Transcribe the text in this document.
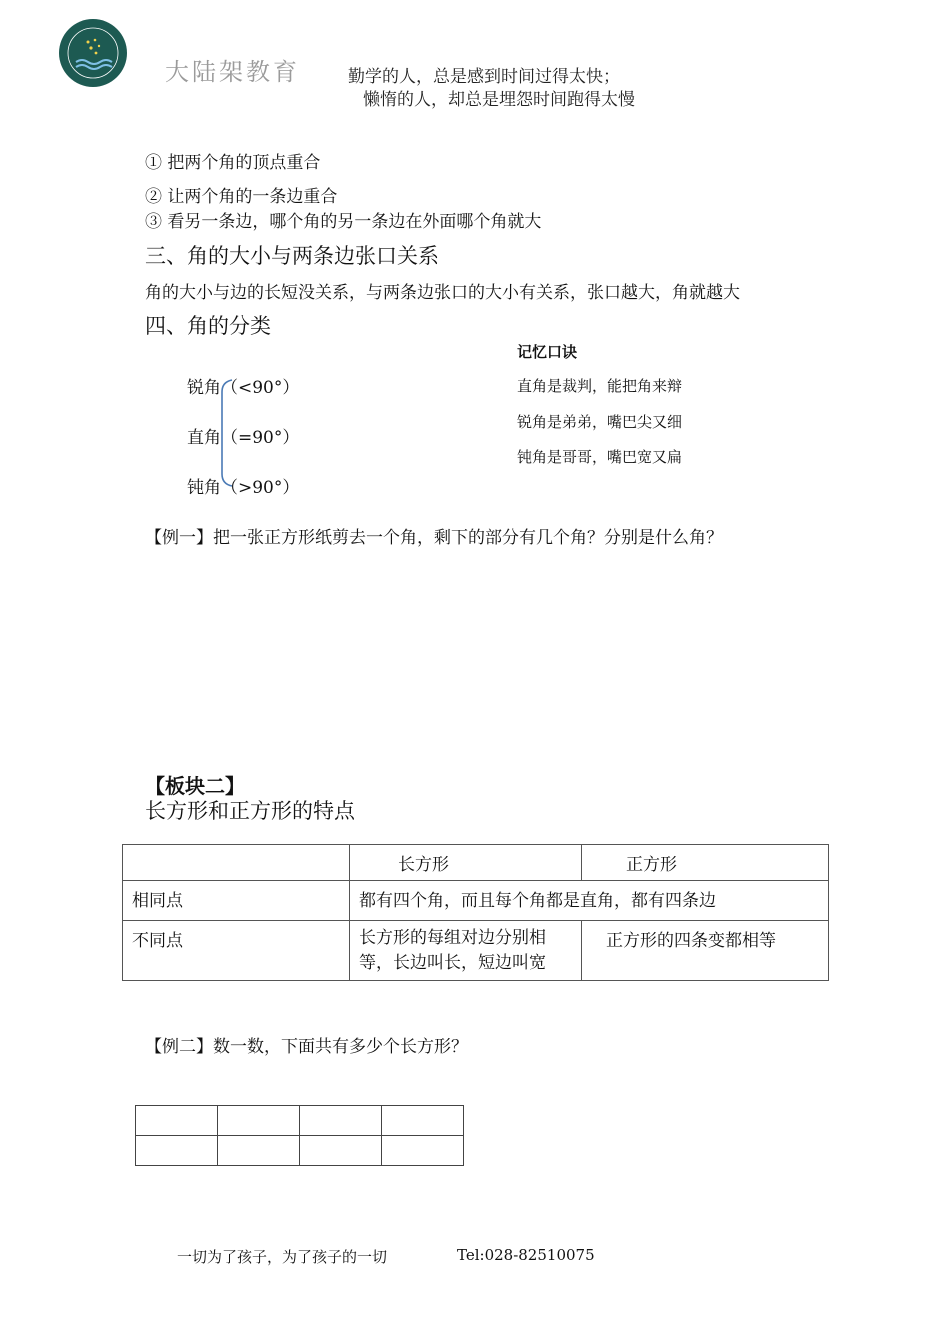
大陆架教育	勤学的人，总是感到时间过得太快；
懒惰的人，却总是埋怨时间跑得太慢
① 把两个角的顶点重合
② 让两个角的一条边重合
③ 看另一条边，哪个角的另一条边在外面哪个角就大
三、角的大小与两条边张口关系
角的大小与边的长短没关系，与两条边张口的大小有关系，张口越大，角就越大
四、角的分类
锐角（<90°）
直角（=90°）
钝角（>90°）
记忆口诀
直角是裁判，能把角来辩
锐角是弟弟，嘴巴尖又细
钝角是哥哥，嘴巴宽又扁
【例一】把一张正方形纸剪去一个角，剩下的部分有几个角？分别是什么角？
【板块二】
长方形和正方形的特点
	长方形	正方形
相同点	都有四个角，而且每个角都是直角，都有四条边	
不同点	长方形的每组对边分别相等，长边叫长，短边叫宽	正方形的四条变都相等
【例二】数一数，下面共有多少个长方形？

一切为了孩子，为了孩子的一切	Tel:028-82510075
